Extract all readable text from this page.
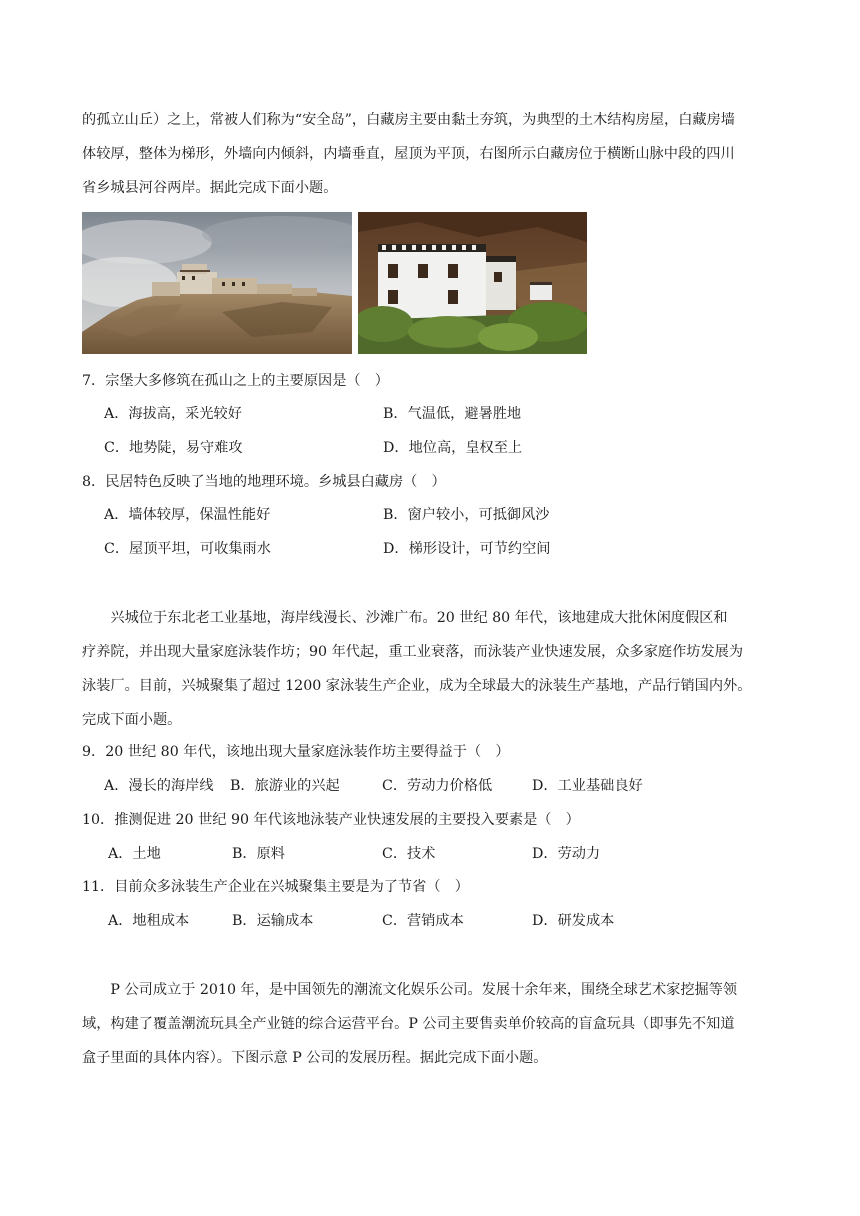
的孤立山丘）之上，常被人们称为“安全岛”，白藏房主要由黏土夯筑，为典型的土木结构房屋，白藏房墙

体较厚，整体为梯形，外墙向内倾斜，内墙垂直，屋顶为平顶，右图所示白藏房位于横断山脉中段的四川

省乡城县河谷两岸。据此完成下面小题。

7．宗堡大多修筑在孤山之上的主要原因是（　）
A．海拔高，采光较好	B．气温低，避暑胜地
C．地势陡，易守难攻	D．地位高，皇权至上
8．民居特色反映了当地的地理环境。乡城县白藏房（　）
A．墙体较厚，保温性能好	B．窗户较小，可抵御风沙
C．屋顶平坦，可收集雨水	D．梯形设计，可节约空间

兴城位于东北老工业基地，海岸线漫长、沙滩广布。20 世纪 80 年代，该地建成大批休闲度假区和

疗养院，并出现大量家庭泳装作坊；90 年代起，重工业衰落，而泳装产业快速发展，众多家庭作坊发展为

泳装厂。目前，兴城聚集了超过 1200 家泳装生产企业，成为全球最大的泳装生产基地，产品行销国内外。

完成下面小题。

9．20 世纪 80 年代，该地出现大量家庭泳装作坊主要得益于（　）
A．漫长的海岸线 B．旅游业的兴起	C．劳动力价格低	D．工业基础良好
10．推测促进 20 世纪 90 年代该地泳装产业快速发展的主要投入要素是（　）
A．土地	B．原料	C．技术	D．劳动力
11．目前众多泳装生产企业在兴城聚集主要是为了节省（　）
A．地租成本	B．运输成本	C．营销成本	D．研发成本

P 公司成立于 2010 年，是中国领先的潮流文化娱乐公司。发展十余年来，围绕全球艺术家挖掘等领

域，构建了覆盖潮流玩具全产业链的综合运营平台。P 公司主要售卖单价较高的盲盒玩具（即事先不知道

盒子里面的具体内容）。下图示意 P 公司的发展历程。据此完成下面小题。
